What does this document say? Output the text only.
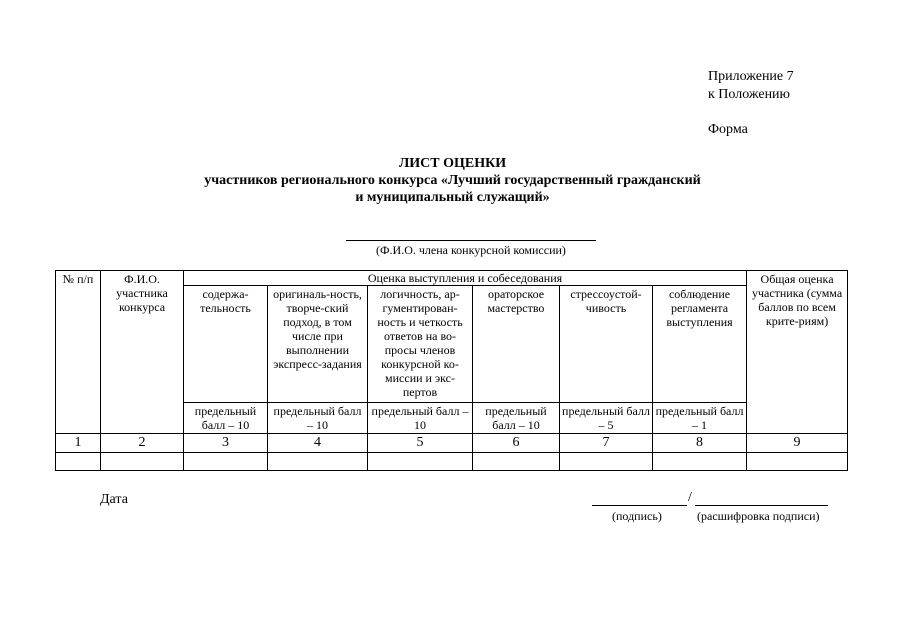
Приложение 7
к Положению
Форма
ЛИСТ ОЦЕНКИ
участников регионального конкурса «Лучший государственный гражданский
и муниципальный служащий»
(Ф.И.О. члена конкурсной комиссии)
№ п/п	Ф.И.О. участника конкурса	Оценка выступления и собеседования						Общая оценка участника (сумма баллов по всем крите-риям)
		содержа-тельность	оригиналь-ность, творче-ский подход, в том числе при выполнении экспресс-задания	логичность, ар-гументирован-ность и четкость ответов на во-просы членов конкурсной ко-миссии и экс-пертов	ораторское мастерство	стрессоустой-чивость	соблюдение регламента выступления	
		предельный балл – 10	предельный балл – 10	предельный балл – 10	предельный балл – 10	предельный балл – 5	предельный балл – 1	
1	2	3	4	5	6	7	8	9

Дата	/
(подпись)	(расшифровка подписи)
